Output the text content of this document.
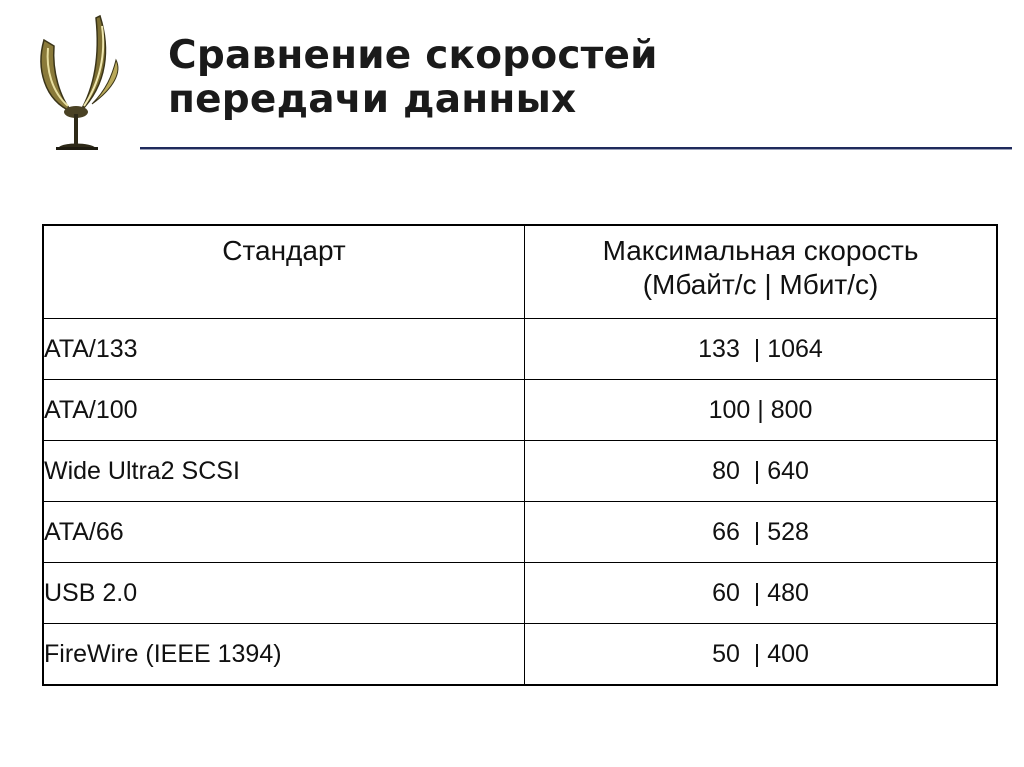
Сравнение скоростей
передачи данных
Стандарт	Максимальная скорость
(Мбайт/с | Мбит/с)

ATA/133	133  | 1064
ATA/100	100 | 800
Wide Ultra2 SCSI	80  | 640
ATA/66	66  | 528
USB 2.0	60  | 480
FireWire (IEEE 1394)	50  | 400
